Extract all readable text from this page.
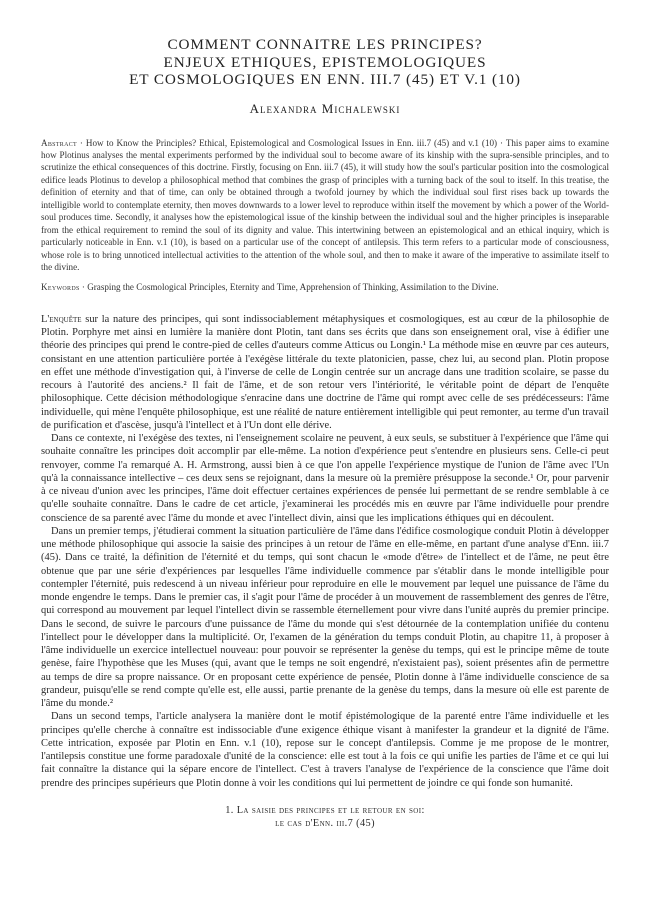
COMMENT CONNAITRE LES PRINCIPES?
ENJEUX ETHIQUES, EPISTEMOLOGIQUES
ET COSMOLOGIQUES EN ENN. III.7 (45) ET V.1 (10)
Alexandra Michalewski
Abstract · How to Know the Principles? Ethical, Epistemological and Cosmological Issues in Enn. iii.7 (45) and v.1 (10) · This paper aims to examine how Plotinus analyses the mental experiments performed by the individual soul to become aware of its kinship with the supra-sensible principles, and to scrutinize the ethical consequences of this doctrine. Firstly, focusing on Enn. iii.7 (45), it will study how the soul's particular position into the cosmological edifice leads Plotinus to develop a philosophical method that combines the grasp of principles with a turning back of the soul to itself. In this treatise, the definition of eternity and that of time, can only be obtained through a twofold journey by which the individual soul first rises back up towards the intelligible world to contemplate eternity, then moves downwards to a lower level to reproduce within itself the movement by which a power of the World-soul produces time. Secondly, it analyses how the epistemological issue of the kinship between the individual soul and the higher principles is inseparable from the ethical requirement to remind the soul of its dignity and value. This intertwining between an epistemological and an ethical inquiry, which is particularly noticeable in Enn. v.1 (10), is based on a particular use of the concept of antilepsis. This term refers to a particular mode of consciousness, whose role is to bring unnoticed intellectual activities to the attention of the whole soul, and then to make it aware of the imperative to assimilate itself to the divine.
Keywords · Grasping the Cosmological Principles, Eternity and Time, Apprehension of Thinking, Assimilation to the Divine.

L'enquête sur la nature des principes, qui sont indissociablement métaphysiques et cosmologiques, est au cœur de la philosophie de Plotin. Porphyre met ainsi en lumière la manière dont Plotin, tant dans ses écrits que dans son enseignement oral, vise à édifier une théorie des principes qui prend le contre-pied de celles d'auteurs comme Atticus ou Longin.¹ La méthode mise en œuvre par ces auteurs, consistant en une attention particulière portée à l'exégèse littérale du texte platonicien, passe, chez lui, au second plan. Plotin propose en effet une méthode d'investigation qui, à l'inverse de celle de Longin centrée sur un ancrage dans une tradition scolaire, se passe du recours à l'autorité des anciens.² Il fait de l'âme, et de son retour vers l'intériorité, le véritable point de départ de l'enquête philosophique. Cette décision méthodologique s'enracine dans une doctrine de l'âme qui rompt avec celle de ses prédécesseurs: l'âme individuelle, qui mène l'enquête philosophique, est une réalité de nature entièrement intelligible qui peut remonter, au terme d'un travail de purification et d'ascèse, jusqu'à l'intellect et à l'Un dont elle dérive.

Dans ce contexte, ni l'exégèse des textes, ni l'enseignement scolaire ne peuvent, à eux seuls, se substituer à l'expérience que l'âme qui souhaite connaître les principes doit accomplir par elle-même. La notion d'expérience peut s'entendre en plusieurs sens. Celle-ci peut renvoyer, comme l'a remarqué A. H. Armstrong, aussi bien à ce que l'on appelle l'expérience mystique de l'union de l'âme avec l'Un qu'à la connaissance intellective – ces deux sens se rejoignant, dans la mesure où la première présuppose la seconde.¹ Or, pour parvenir à ce niveau d'union avec les principes, l'âme doit effectuer certaines expériences de pensée lui permettant de se rendre semblable à ce qu'elle souhaite connaître. Dans le cadre de cet article, j'examinerai les procédés mis en œuvre par l'âme individuelle pour prendre conscience de sa parenté avec l'âme du monde et avec l'intellect divin, ainsi que les implications éthiques qui en découlent.

Dans un premier temps, j'étudierai comment la situation particulière de l'âme dans l'édifice cosmologique conduit Plotin à développer une méthode philosophique qui associe la saisie des principes à un retour de l'âme en elle-même, en partant d'une analyse d'Enn. iii.7 (45). Dans ce traité, la définition de l'éternité et du temps, qui sont chacun le «mode d'être» de l'intellect et de l'âme, ne peut être obtenue que par une série d'expériences par lesquelles l'âme individuelle commence par s'établir dans le monde intelligible pour contempler l'éternité, puis redescend à un niveau inférieur pour reproduire en elle le mouvement par lequel une puissance de l'âme du monde engendre le temps. Dans le premier cas, il s'agit pour l'âme de procéder à un mouvement de rassemblement des genres de l'être, qui correspond au mouvement par lequel l'intellect divin se rassemble éternellement pour vivre dans l'unité auprès du premier principe. Dans le second, de suivre le parcours d'une puissance de l'âme du monde qui s'est détournée de la contemplation unifiée du contenu l'intellect pour le développer dans la multiplicité. Or, l'examen de la génération du temps conduit Plotin, au chapitre 11, à proposer à l'âme individuelle un exercice intellectuel nouveau: pour pouvoir se représenter la genèse du temps, qui est le principe même de toute genèse, faire l'hypothèse que les Muses (qui, avant que le temps ne soit engendré, n'existaient pas), soient présentes afin de permettre au temps de dire sa propre naissance. Or en proposant cette expérience de pensée, Plotin donne à l'âme individuelle conscience de sa grandeur, puisqu'elle se rend compte qu'elle est, elle aussi, partie prenante de la genèse du temps, dans la mesure où elle est parente de l'âme du monde.²

Dans un second temps, l'article analysera la manière dont le motif épistémologique de la parenté entre l'âme individuelle et les principes qu'elle cherche à connaître est indissociable d'une exigence éthique visant à manifester la grandeur et la dignité de l'âme. Cette intrication, exposée par Plotin en Enn. v.1 (10), repose sur le concept d'antilepsis. Comme je me propose de le montrer, l'antilepsis constitue une forme paradoxale d'unité de la conscience: elle est tout à la fois ce qui unifie les parties de l'âme et ce qui lui fait connaître la distance qui la sépare encore de l'intellect. C'est à travers l'analyse de l'expérience de la conscience que l'âme doit prendre des principes supérieurs que Plotin donne à voir les conditions qui lui permettent de joindre ce qui fonde son humanité.

1. La saisie des principes et le retour en soi:
le cas d'Enn. iii.7 (45)
